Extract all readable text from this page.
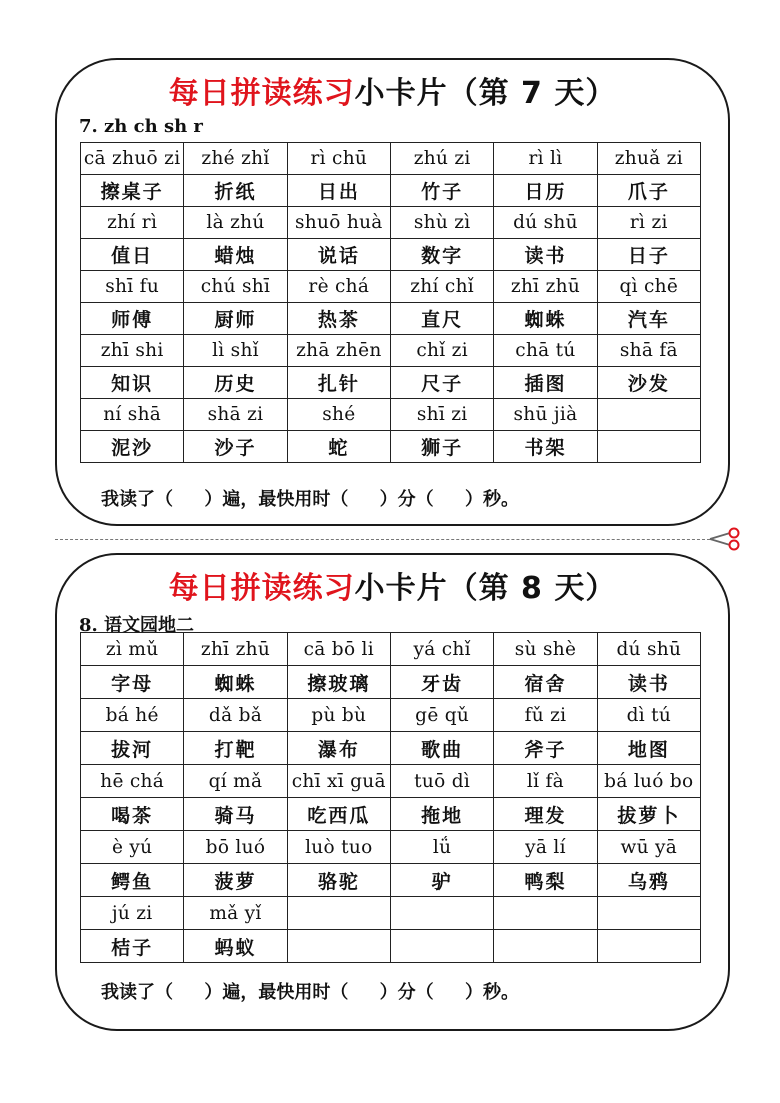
每日拼读练习小卡片（第 7 天）
7. zh ch sh r
cā zhuō zi	zhé zhǐ	rì chū	zhú zi	rì lì	zhuǎ zi
擦桌子	折纸	日出	竹子	日历	爪子
zhí rì	là zhú	shuō huà	shù zì	dú shū	rì zi
值日	蜡烛	说话	数字	读书	日子
shī fu	chú shī	rè chá	zhí chǐ	zhī zhū	qì chē
师傅	厨师	热茶	直尺	蜘蛛	汽车
zhī shi	lì shǐ	zhā zhēn	chǐ zi	chā tú	shā fā
知识	历史	扎针	尺子	插图	沙发
ní shā	shā zi	shé	shī zi	shū jià	
泥沙	沙子	蛇	狮子	书架	
我读了（     ）遍，最快用时（     ）分（     ）秒。
每日拼读练习小卡片（第 8 天）
8. 语文园地二
zì mǔ	zhī zhū	cā bō li	yá chǐ	sù shè	dú shū
字母	蜘蛛	擦玻璃	牙齿	宿舍	读书
bá hé	dǎ bǎ	pù bù	gē qǔ	fǔ zi	dì tú
拔河	打靶	瀑布	歌曲	斧子	地图
hē chá	qí mǎ	chī xī guā	tuō dì	lǐ fà	bá luó bo
喝茶	骑马	吃西瓜	拖地	理发	拔萝卜
è yú	bō luó	luò tuo	lǘ	yā lí	wū yā
鳄鱼	菠萝	骆驼	驴	鸭梨	乌鸦
jú zi	mǎ yǐ				
桔子	蚂蚁				
我读了（     ）遍，最快用时（     ）分（     ）秒。
